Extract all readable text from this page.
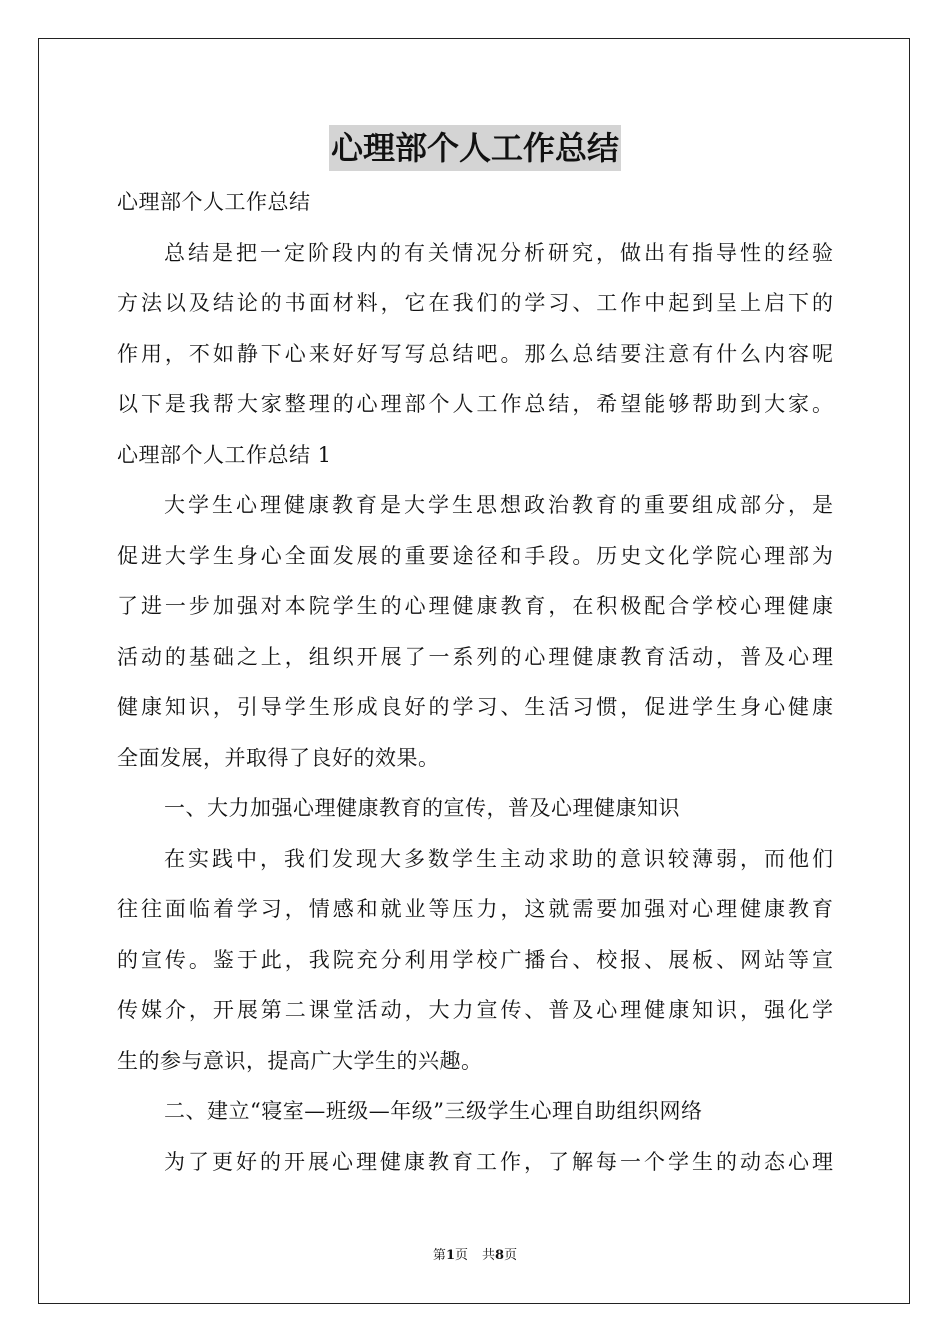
心理部个人工作总结
心理部个人工作总结
总结是把一定阶段内的有关情况分析研究，做出有指导性的经验
方法以及结论的书面材料，它在我们的学习、工作中起到呈上启下的
作用，不如静下心来好好写写总结吧。那么总结要注意有什么内容呢
以下是我帮大家整理的心理部个人工作总结，希望能够帮助到大家。
心理部个人工作总结 1
大学生心理健康教育是大学生思想政治教育的重要组成部分，是
促进大学生身心全面发展的重要途径和手段。历史文化学院心理部为
了进一步加强对本院学生的心理健康教育，在积极配合学校心理健康
活动的基础之上，组织开展了一系列的心理健康教育活动，普及心理
健康知识，引导学生形成良好的学习、生活习惯，促进学生身心健康
全面发展，并取得了良好的效果。
一、大力加强心理健康教育的宣传，普及心理健康知识
在实践中，我们发现大多数学生主动求助的意识较薄弱，而他们
往往面临着学习，情感和就业等压力，这就需要加强对心理健康教育
的宣传。鉴于此，我院充分利用学校广播台、校报、展板、网站等宣
传媒介，开展第二课堂活动，大力宣传、普及心理健康知识，强化学
生的参与意识，提高广大学生的兴趣。
二、建立“寝室—班级—年级”三级学生心理自助组织网络
为了更好的开展心理健康教育工作，了解每一个学生的动态心理
第1页 共8页
